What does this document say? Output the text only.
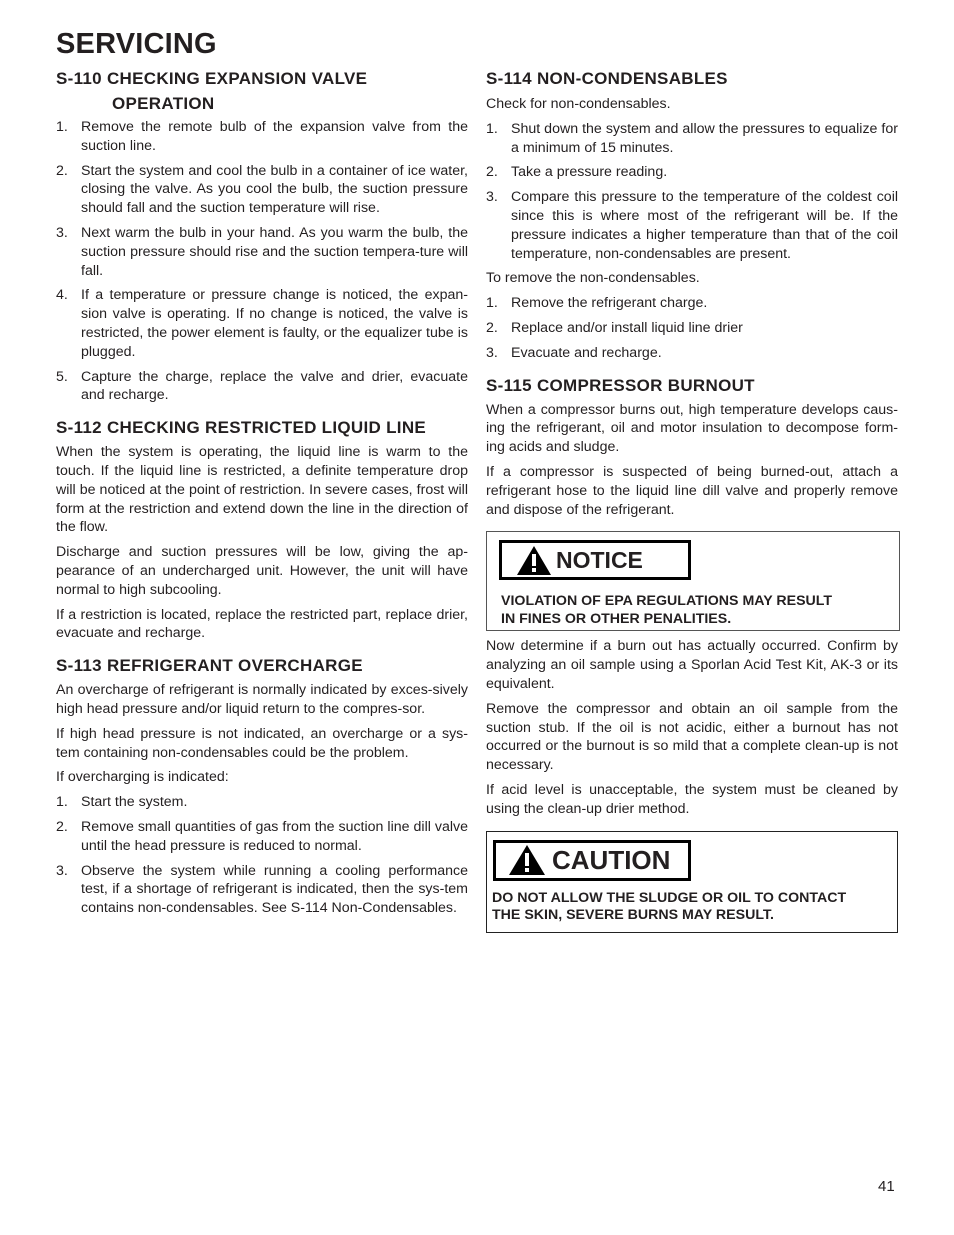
SERVICING
S-110 CHECKING EXPANSION VALVE
OPERATION
1. Remove the remote bulb of the expansion valve from the suction line.
2. Start the system and cool the bulb in a container of ice water, closing the valve. As you cool the bulb, the suction pressure should fall and the suction temperature will rise.
3. Next warm the bulb in your hand. As you warm the bulb, the suction pressure should rise and the suction tempera-ture will fall.
4. If a temperature or pressure change is noticed, the expan-sion valve is operating. If no change is noticed, the valve is restricted, the power element is faulty, or the equalizer tube is plugged.
5. Capture the charge, replace the valve and drier, evacuate and recharge.
S-112 CHECKING RESTRICTED LIQUID LINE

When the system is operating, the liquid line is warm to the touch. If the liquid line is restricted, a definite temperature drop will be noticed at the point of restriction. In severe cases, frost will form at the restriction and extend down the line in the direction of the flow.

Discharge and suction pressures will be low, giving the ap-pearance of an undercharged unit. However, the unit will have normal to high subcooling.

If a restriction is located, replace the restricted part, replace drier, evacuate and recharge.

S-113 REFRIGERANT OVERCHARGE

An overcharge of refrigerant is normally indicated by exces-sively high head pressure and/or liquid return to the compres-sor.

If high head pressure is not indicated, an overcharge or a sys-tem containing non-condensables could be the problem.

If overcharging is indicated:

1. Start the system.
2. Remove small quantities of gas from the suction line dill valve until the head pressure is reduced to normal.
3. Observe the system while running a cooling performance test, if a shortage of refrigerant is indicated, then the sys-tem contains non-condensables. See S-114 Non-Condensables.
S-114 NON-CONDENSABLES

Check for non-condensables.

1. Shut down the system and allow the pressures to equalize for a minimum of 15 minutes.
2. Take a pressure reading.
3. Compare this pressure to the temperature of the coldest coil since this is where most of the refrigerant will be. If the pressure indicates a higher temperature than that of the coil temperature, non-condensables are present.

To remove the non-condensables.

1. Remove the refrigerant charge.
2. Replace and/or install liquid line drier
3. Evacuate and recharge.
S-115 COMPRESSOR BURNOUT

When a compressor burns out, high temperature develops caus-ing the refrigerant, oil and motor insulation to decompose form-ing acids and sludge.

If a compressor is suspected of being burned-out, attach a refrigerant hose to the liquid line dill valve and properly remove and dispose of the refrigerant.

NOTICE
VIOLATION OF EPA REGULATIONS MAY RESULT
IN FINES OR OTHER PENALITIES.

Now determine if a burn out has actually occurred. Confirm by analyzing an oil sample using a Sporlan Acid Test Kit, AK-3 or its equivalent.

Remove the compressor and obtain an oil sample from the suction stub. If the oil is not acidic, either a burnout has not occurred or the burnout is so mild that a complete clean-up is not necessary.

If acid level is unacceptable, the system must be cleaned by using the clean-up drier method.

CAUTION
DO NOT ALLOW THE SLUDGE OR OIL TO CONTACT
THE SKIN, SEVERE BURNS MAY RESULT.
41
